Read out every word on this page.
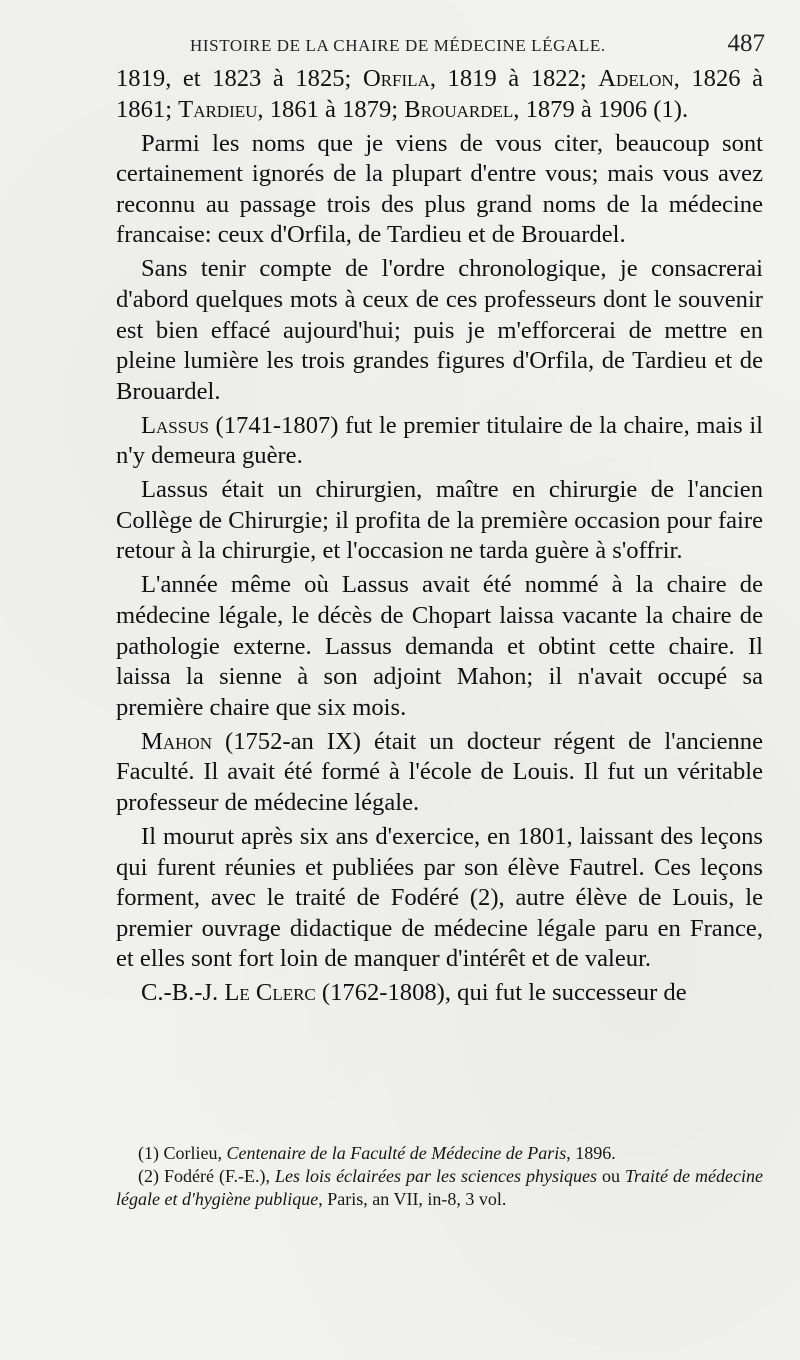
HISTOIRE DE LA CHAIRE DE MÉDECINE LÉGALE.	487

1819, et 1823 à 1825; Orfila, 1819 à 1822; Adelon, 1826 à 1861; Tardieu, 1861 à 1879; Brouardel, 1879 à 1906 (1).

Parmi les noms que je viens de vous citer, beaucoup sont certainement ignorés de la plupart d'entre vous; mais vous avez reconnu au passage trois des plus grand noms de la médecine francaise: ceux d'Orfila, de Tardieu et de Brouardel.

Sans tenir compte de l'ordre chronologique, je consacrerai d'abord quelques mots à ceux de ces professeurs dont le souvenir est bien effacé aujourd'hui; puis je m'efforcerai de mettre en pleine lumière les trois grandes figures d'Orfila, de Tardieu et de Brouardel.

Lassus (1741-1807) fut le premier titulaire de la chaire, mais il n'y demeura guère.

Lassus était un chirurgien, maître en chirurgie de l'ancien Collège de Chirurgie; il profita de la première occasion pour faire retour à la chirurgie, et l'occasion ne tarda guère à s'offrir.

L'année même où Lassus avait été nommé à la chaire de médecine légale, le décès de Chopart laissa vacante la chaire de pathologie externe. Lassus demanda et obtint cette chaire. Il laissa la sienne à son adjoint Mahon; il n'avait occupé sa première chaire que six mois.

Mahon (1752-an IX) était un docteur régent de l'ancienne Faculté. Il avait été formé à l'école de Louis. Il fut un véritable professeur de médecine légale.

Il mourut après six ans d'exercice, en 1801, laissant des leçons qui furent réunies et publiées par son élève Fautrel. Ces leçons forment, avec le traité de Fodéré (2), autre élève de Louis, le premier ouvrage didactique de médecine légale paru en France, et elles sont fort loin de manquer d'intérêt et de valeur.

C.-B.-J. Le Clerc (1762-1808), qui fut le successeur de

(1) Corlieu, Centenaire de la Faculté de Médecine de Paris, 1896.

(2) Fodéré (F.-E.), Les lois éclairées par les sciences physiques ou Traité de médecine légale et d'hygiène publique, Paris, an VII, in-8, 3 vol.
